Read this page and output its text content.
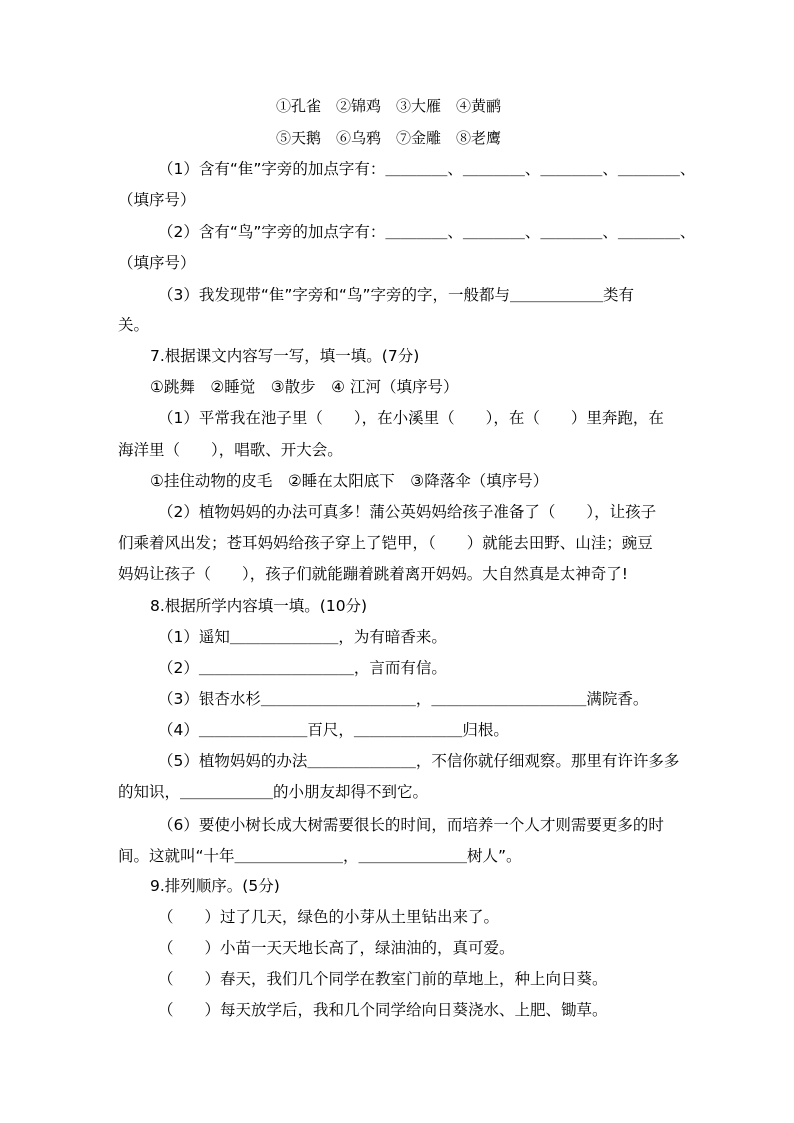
①孔雀　②锦鸡　③大雁　④黄鹂
⑤天鹅　⑥乌鸦　⑦金雕　⑧老鹰
（1）含有“隹”字旁的加点字有：＿＿＿＿、＿＿＿＿、＿＿＿＿、＿＿＿＿、
（填序号）
（2）含有“鸟”字旁的加点字有：＿＿＿＿、＿＿＿＿、＿＿＿＿、＿＿＿＿、
（填序号）
（3）我发现带“隹”字旁和“鸟”字旁的字，一般都与＿＿＿＿＿＿类有
关。
7.根据课文内容写一写，填一填。(7分)
①跳舞　②睡觉　③散步　④ 江河（填序号）
（1）平常我在池子里（　　），在小溪里（　　），在（　　）里奔跑，在
海洋里（　　），唱歌、开大会。
①挂住动物的皮毛　②睡在太阳底下　③降落伞（填序号）
（2）植物妈妈的办法可真多！蒲公英妈妈给孩子准备了（　　），让孩子
们乘着风出发；苍耳妈妈给孩子穿上了铠甲，（　　）就能去田野、山洼；豌豆
妈妈让孩子（　　），孩子们就能蹦着跳着离开妈妈。大自然真是太神奇了!
8.根据所学内容填一填。(10分)
（1）遥知＿＿＿＿＿＿＿，为有暗香来。
（2）＿＿＿＿＿＿＿＿＿＿，言而有信。
（3）银杏水杉＿＿＿＿＿＿＿＿＿＿，＿＿＿＿＿＿＿＿＿＿满院香。
（4）＿＿＿＿＿＿＿百尺，＿＿＿＿＿＿＿归根。
（5）植物妈妈的办法＿＿＿＿＿＿＿，不信你就仔细观察。那里有许许多多
的知识，＿＿＿＿＿＿的小朋友却得不到它。
（6）要使小树长成大树需要很长的时间，而培养一个人才则需要更多的时
间。这就叫“十年＿＿＿＿＿＿＿，＿＿＿＿＿＿＿树人”。
9.排列顺序。(5分)
（　　）过了几天，绿色的小芽从土里钻出来了。
（　　）小苗一天天地长高了，绿油油的，真可爱。
（　　）春天，我们几个同学在教室门前的草地上，种上向日葵。
（　　）每天放学后，我和几个同学给向日葵浇水、上肥、锄草。
